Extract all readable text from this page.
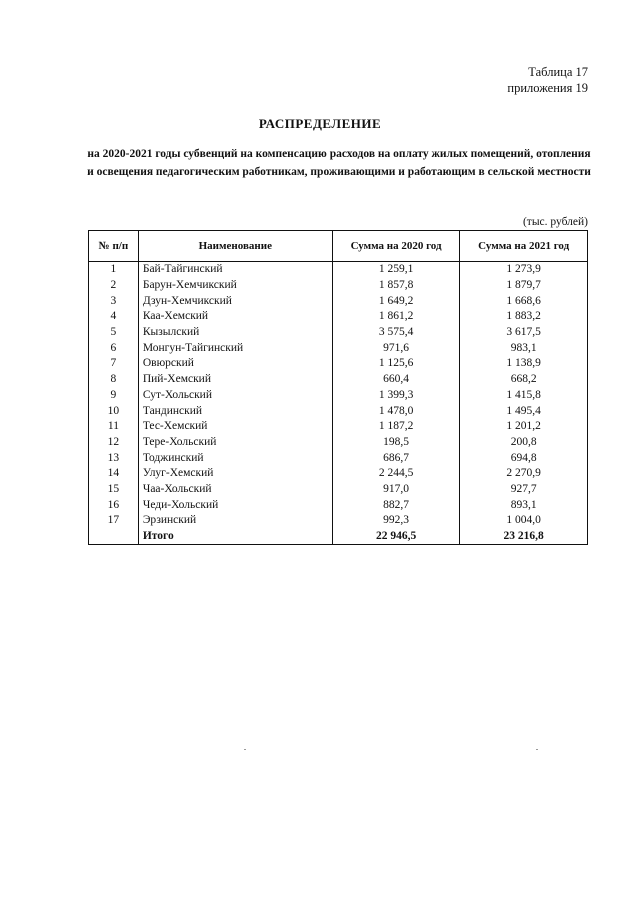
Таблица 17
приложения 19
РАСПРЕДЕЛЕНИЕ
на 2020-2021 годы субвенций на компенсацию расходов на оплату жилых помещений, отопления и освещения педагогическим работникам, проживающими и работающим в сельской местности
(тыс. рублей)
№ п/п	Наименование	Сумма на 2020 год	Сумма на 2021 год
1	Бай-Тайгинский	1 259,1	1 273,9
2	Барун-Хемчикский	1 857,8	1 879,7
3	Дзун-Хемчикский	1 649,2	1 668,6
4	Каа-Хемский	1 861,2	1 883,2
5	Кызылский	3 575,4	3 617,5
6	Монгун-Тайгинский	971,6	983,1
7	Овюрский	1 125,6	1 138,9
8	Пий-Хемский	660,4	668,2
9	Сут-Хольский	1 399,3	1 415,8
10	Тандинский	1 478,0	1 495,4
11	Тес-Хемский	1 187,2	1 201,2
12	Тере-Хольский	198,5	200,8
13	Тоджинский	686,7	694,8
14	Улуг-Хемский	2 244,5	2 270,9
15	Чаа-Хольский	917,0	927,7
16	Чеди-Хольский	882,7	893,1
17	Эрзинский	992,3	1 004,0
	Итого	22 946,5	23 216,8
